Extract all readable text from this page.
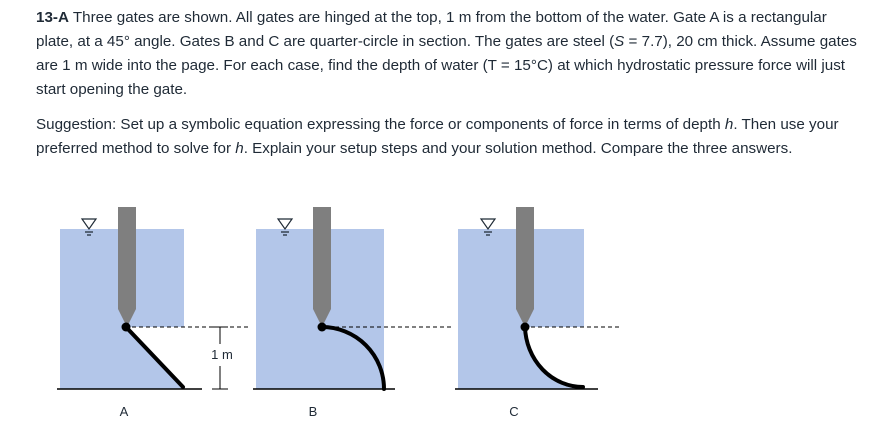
13-A Three gates are shown. All gates are hinged at the top, 1 m from the bottom of the water. Gate A is a rectangular plate, at a 45° angle. Gates B and C are quarter-circle in section. The gates are steel (S = 7.7), 20 cm thick. Assume gates are 1 m wide into the page. For each case, find the depth of water (T = 15°C) at which hydrostatic pressure force will just start opening the gate.

Suggestion: Set up a symbolic equation expressing the force or components of force in terms of depth h. Then use your preferred method to solve for h. Explain your setup steps and your solution method. Compare the three answers.

1 m
A	B	C
